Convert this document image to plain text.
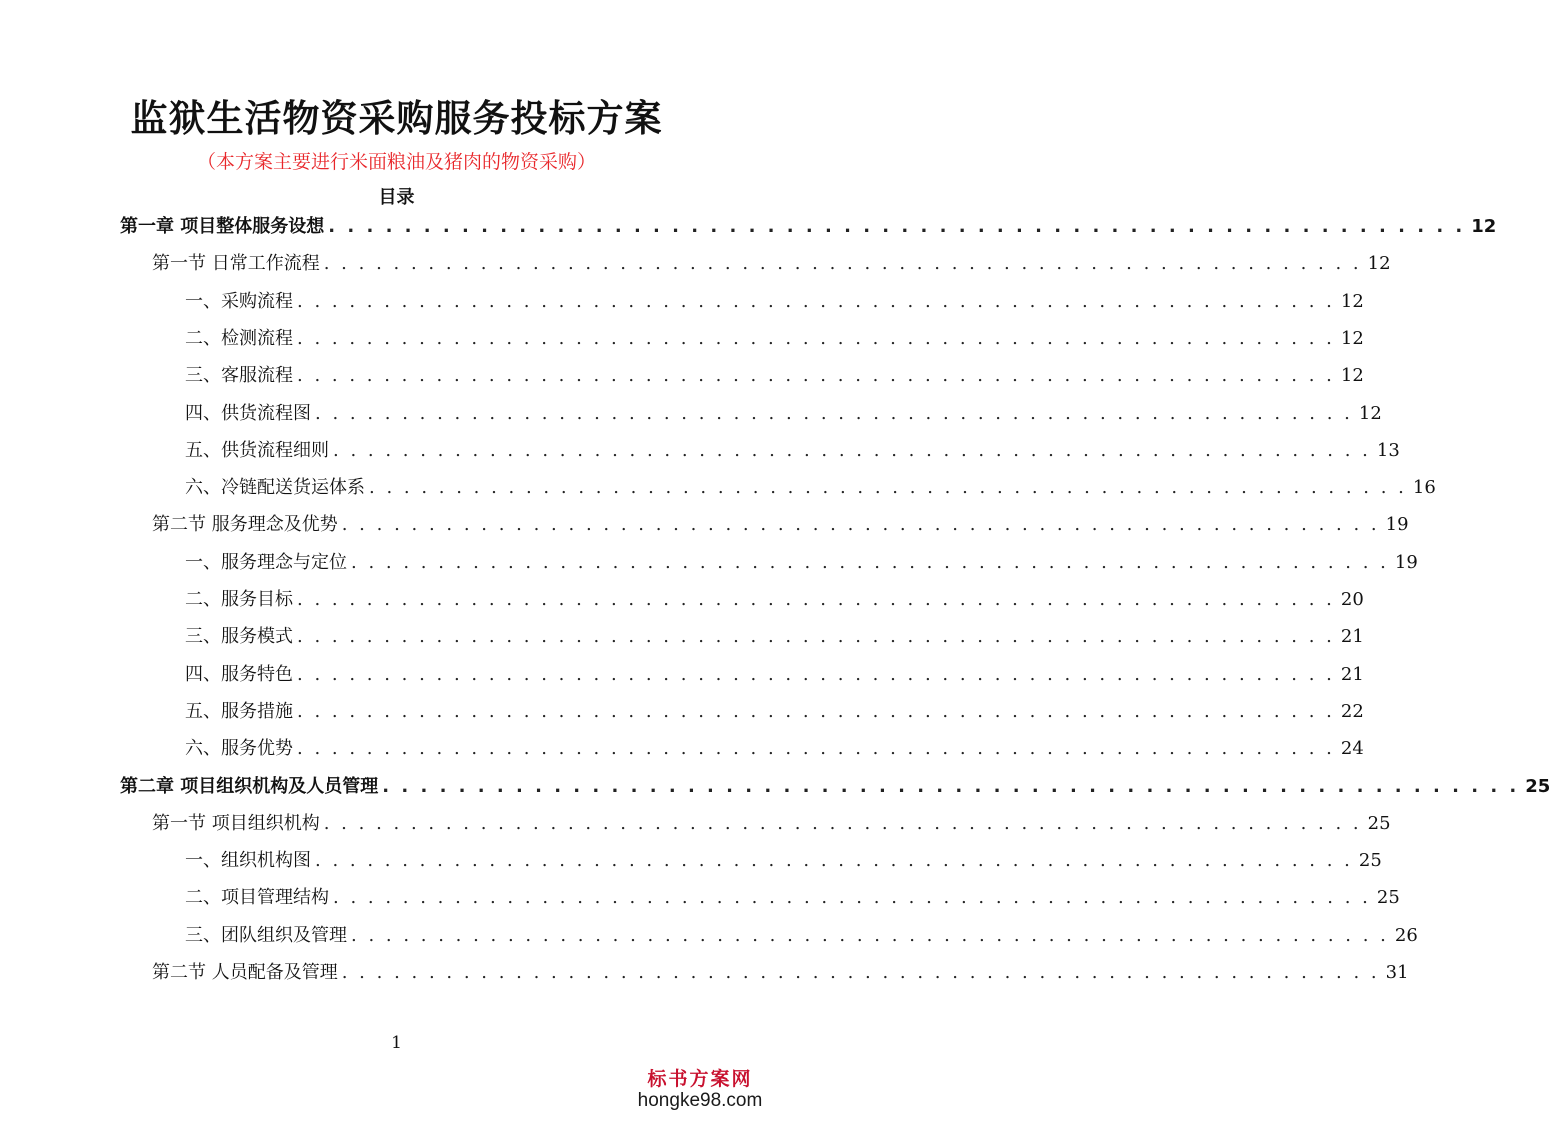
监狱生活物资采购服务投标方案

（本方案主要进行米面粮油及猪肉的物资采购）

目录
第一章 项目整体服务设想 . . . . . . . . . . . . . . . . . . . . . . . . . . . . . . . . . . . . . . . . . . . . . . . . . . . . . . . . . . . . 12
第一节 日常工作流程 . . . . . . . . . . . . . . . . . . . . . . . . . . . . . . . . . . . . . . . . . . . . . . . . . . . . . . . . . . . . 12
一、采购流程 . . . . . . . . . . . . . . . . . . . . . . . . . . . . . . . . . . . . . . . . . . . . . . . . . . . . . . . . . . . . 12
二、检测流程 . . . . . . . . . . . . . . . . . . . . . . . . . . . . . . . . . . . . . . . . . . . . . . . . . . . . . . . . . . . . 12
三、客服流程 . . . . . . . . . . . . . . . . . . . . . . . . . . . . . . . . . . . . . . . . . . . . . . . . . . . . . . . . . . . . 12
四、供货流程图 . . . . . . . . . . . . . . . . . . . . . . . . . . . . . . . . . . . . . . . . . . . . . . . . . . . . . . . . . . . . 12
五、供货流程细则 . . . . . . . . . . . . . . . . . . . . . . . . . . . . . . . . . . . . . . . . . . . . . . . . . . . . . . . . . . . . 13
六、冷链配送货运体系 . . . . . . . . . . . . . . . . . . . . . . . . . . . . . . . . . . . . . . . . . . . . . . . . . . . . . . . . . . . . 16
第二节 服务理念及优势 . . . . . . . . . . . . . . . . . . . . . . . . . . . . . . . . . . . . . . . . . . . . . . . . . . . . . . . . . . . . 19
一、服务理念与定位 . . . . . . . . . . . . . . . . . . . . . . . . . . . . . . . . . . . . . . . . . . . . . . . . . . . . . . . . . . . . 19
二、服务目标 . . . . . . . . . . . . . . . . . . . . . . . . . . . . . . . . . . . . . . . . . . . . . . . . . . . . . . . . . . . . 20
三、服务模式 . . . . . . . . . . . . . . . . . . . . . . . . . . . . . . . . . . . . . . . . . . . . . . . . . . . . . . . . . . . . 21
四、服务特色 . . . . . . . . . . . . . . . . . . . . . . . . . . . . . . . . . . . . . . . . . . . . . . . . . . . . . . . . . . . . 21
五、服务措施 . . . . . . . . . . . . . . . . . . . . . . . . . . . . . . . . . . . . . . . . . . . . . . . . . . . . . . . . . . . . 22
六、服务优势 . . . . . . . . . . . . . . . . . . . . . . . . . . . . . . . . . . . . . . . . . . . . . . . . . . . . . . . . . . . . 24
第二章 项目组织机构及人员管理 . . . . . . . . . . . . . . . . . . . . . . . . . . . . . . . . . . . . . . . . . . . . . . . . . . . . . . . . . . . . 25
第一节 项目组织机构 . . . . . . . . . . . . . . . . . . . . . . . . . . . . . . . . . . . . . . . . . . . . . . . . . . . . . . . . . . . . 25
一、组织机构图 . . . . . . . . . . . . . . . . . . . . . . . . . . . . . . . . . . . . . . . . . . . . . . . . . . . . . . . . . . . . 25
二、项目管理结构 . . . . . . . . . . . . . . . . . . . . . . . . . . . . . . . . . . . . . . . . . . . . . . . . . . . . . . . . . . . . 25
三、团队组织及管理 . . . . . . . . . . . . . . . . . . . . . . . . . . . . . . . . . . . . . . . . . . . . . . . . . . . . . . . . . . . . 26
第二节 人员配备及管理 . . . . . . . . . . . . . . . . . . . . . . . . . . . . . . . . . . . . . . . . . . . . . . . . . . . . . . . . . . . . 31
1
标书方案网
hongke98.com
